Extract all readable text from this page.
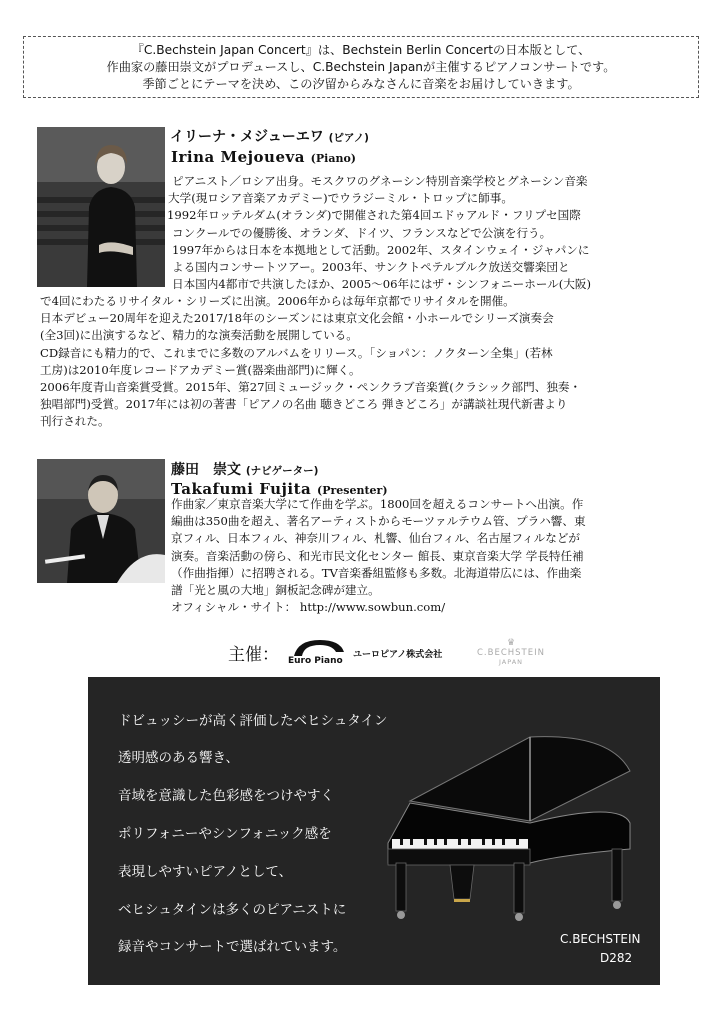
『C.Bechstein Japan Concert』は、Bechstein Berlin Concertの日本版として、
作曲家の藤田崇文がプロデュースし、C.Bechstein Japanが主催するピアノコンサートです。
季節ごとにテーマを決め、この汐留からみなさんに音楽をお届けしていきます。
イリーナ・メジューエワ (ピアノ)
Irina Mejoueva (Piano)
ピアニスト／ロシア出身。モスクワのグネーシン特別音楽学校とグネーシン音楽
大学(現ロシア音楽アカデミー)でウラジーミル・トロップに師事。
1992年ロッテルダム(オランダ)で開催された第4回エドゥアルド・フリプセ国際
コンクールでの優勝後、オランダ、ドイツ、フランスなどで公演を行う。
1997年からは日本を本拠地として活動。2002年、スタインウェイ・ジャパンに
よる国内コンサートツアー。2003年、サンクトペテルブルク放送交響楽団と
日本国内4都市で共演したほか、2005〜06年にはザ・シンフォニーホール(大阪)
で4回にわたるリサイタル・シリーズに出演。2006年からは毎年京都でリサイタルを開催。
日本デビュー20周年を迎えた2017/18年のシーズンには東京文化会館・小ホールでシリーズ演奏会
(全3回)に出演するなど、精力的な演奏活動を展開している。
CD録音にも精力的で、これまでに多数のアルバムをリリース。「ショパン：ノクターン全集」(若林
工房)は2010年度レコードアカデミー賞(器楽曲部門)に輝く。
2006年度青山音楽賞受賞。2015年、第27回ミュージック・ペンクラブ音楽賞(クラシック部門、独奏・
独唱部門)受賞。2017年には初の著書「ピアノの名曲 聴きどころ 弾きどころ」が講談社現代新書より
刊行された。
藤田　崇文 (ナビゲーター)
Takafumi Fujita (Presenter)
作曲家／東京音楽大学にて作曲を学ぶ。1800回を超えるコンサートへ出演。作
編曲は350曲を超え、著名アーティストからモーツァルテウム管、プラハ響、東
京フィル、日本フィル、神奈川フィル、札響、仙台フィル、名古屋フィルなどが
演奏。音楽活動の傍ら、和光市民文化センター 館長、東京音楽大学 学長特任補
（作曲指揮）に招聘される。TV音楽番組監修も多数。北海道帯広には、作曲楽
譜「光と風の大地」銅板記念碑が建立。
オフィシャル・サイト： http://www.sowbun.com/
主催： Euro Piano
ユーロピアノ株式会社
♛
C.BECHSTEIN
JAPAN
ドビュッシーが高く評価したベヒシュタイン
透明感のある響き、
音域を意識した色彩感をつけやすく
ポリフォニーやシンフォニック感を
表現しやすいピアノとして、
ベヒシュタインは多くのピアニストに
録音やコンサートで選ばれています。	C.BECHSTEIN
D282
